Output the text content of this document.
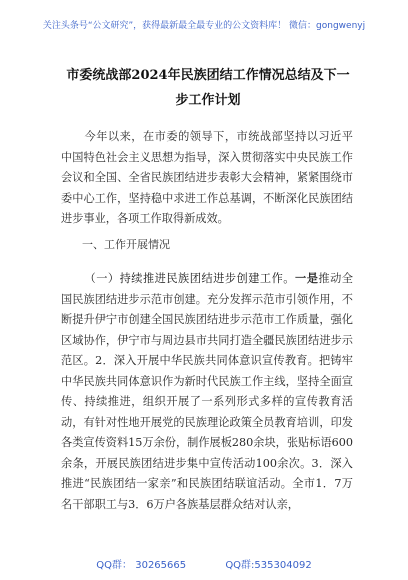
关注头条号“公文研究”，获得最新最全最专业的公文资料库！ 微信：gongwenyj
市委统战部2024年民族团结工作情况总结及下一步工作计划

今年以来，在市委的领导下，市统战部坚持以习近平中国特色社会主义思想为指导，深入贯彻落实中央民族工作会议和全国、全省民族团结进步表彰大会精神，紧紧围绕市委中心工作，坚持稳中求进工作总基调，不断深化民族团结进步事业，各项工作取得新成效。

一、工作开展情况

（一）持续推进民族团结进步创建工作。一是推动全国民族团结进步示范市创建。充分发挥示范市引领作用，不断提升伊宁市创建全国民族团结进步示范市工作质量，强化区域协作，伊宁市与周边县市共同打造全疆民族团结进步示范区。2．深入开展中华民族共同体意识宣传教育。把铸牢中华民族共同体意识作为新时代民族工作主线，坚持全面宣传、持续推进，组织开展了一系列形式多样的宣传教育活动，有针对性地开展党的民族理论政策全员教育培训，印发各类宣传资料15万余份，制作展板280余块，张贴标语600余条，开展民族团结进步集中宣传活动100余次。3．深入推进“民族团结一家亲”和民族团结联谊活动。全市1．7万名干部职工与3．6万户各族基层群众结对认亲，

QQ群： 30265665	QQ群:535304092
